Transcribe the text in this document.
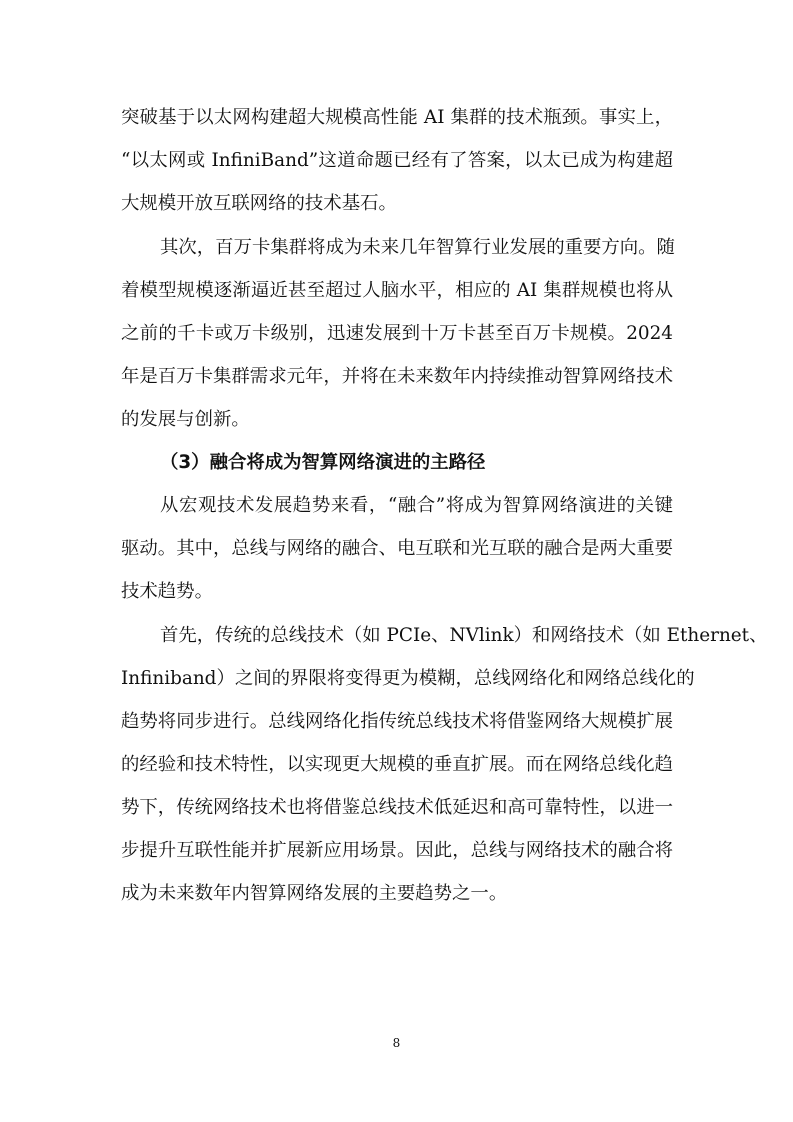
突破基于以太网构建超大规模高性能 AI 集群的技术瓶颈。事实上，
“以太网或 InfiniBand”这道命题已经有了答案，以太已成为构建超
大规模开放互联网络的技术基石。
其次，百万卡集群将成为未来几年智算行业发展的重要方向。随
着模型规模逐渐逼近甚至超过人脑水平，相应的 AI 集群规模也将从
之前的千卡或万卡级别，迅速发展到十万卡甚至百万卡规模。2024
年是百万卡集群需求元年，并将在未来数年内持续推动智算网络技术
的发展与创新。
（3）融合将成为智算网络演进的主路径
从宏观技术发展趋势来看，“融合”将成为智算网络演进的关键
驱动。其中，总线与网络的融合、电互联和光互联的融合是两大重要
技术趋势。
首先，传统的总线技术（如 PCIe、NVlink）和网络技术（如 Ethernet、
Infiniband）之间的界限将变得更为模糊，总线网络化和网络总线化的
趋势将同步进行。总线网络化指传统总线技术将借鉴网络大规模扩展
的经验和技术特性，以实现更大规模的垂直扩展。而在网络总线化趋
势下，传统网络技术也将借鉴总线技术低延迟和高可靠特性，以进一
步提升互联性能并扩展新应用场景。因此，总线与网络技术的融合将
成为未来数年内智算网络发展的主要趋势之一。
8
